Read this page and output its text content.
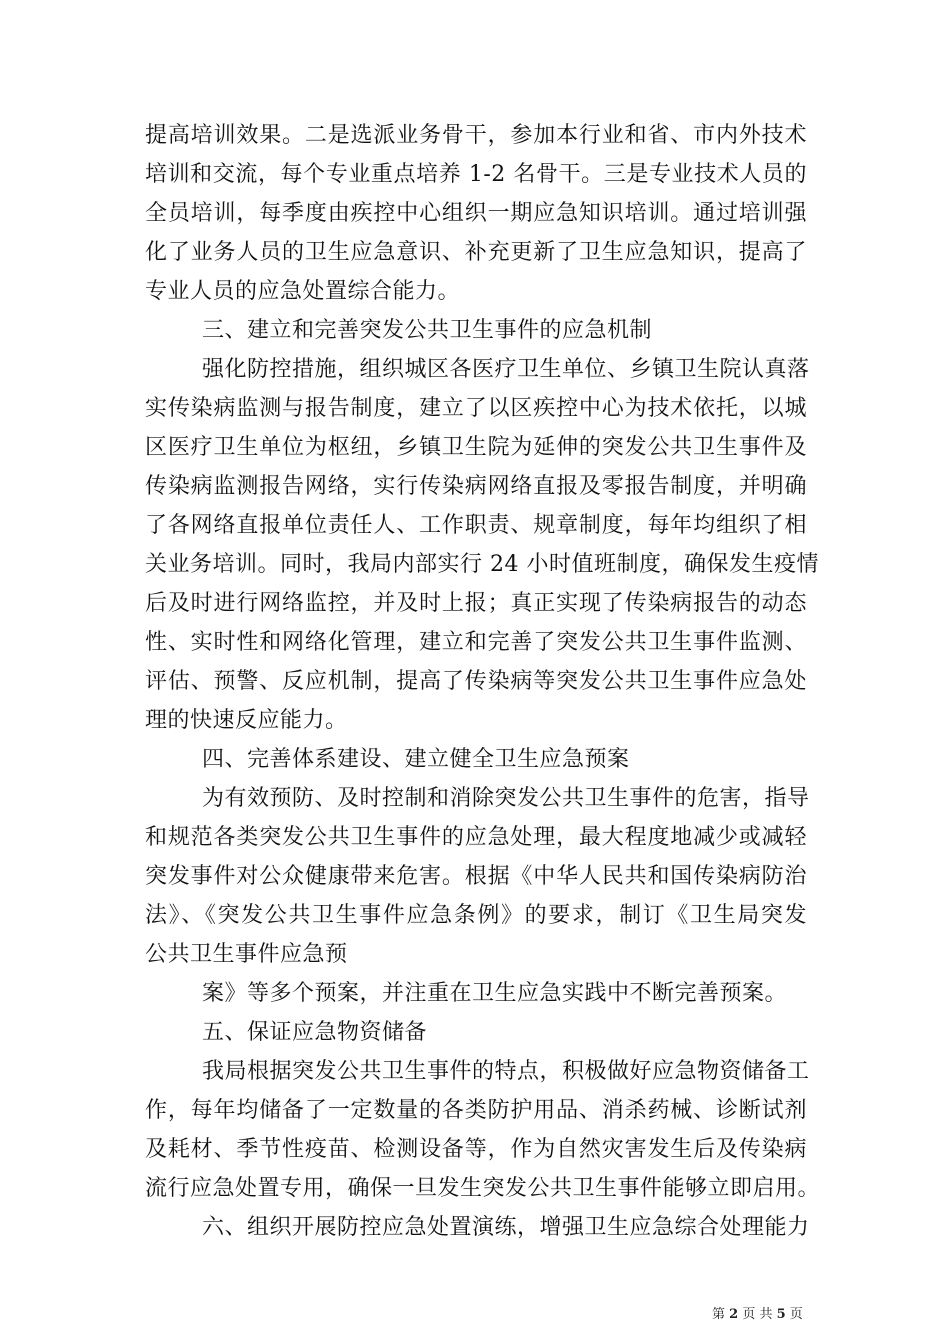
提高培训效果。二是选派业务骨干，参加本行业和省、市内外技术
培训和交流，每个专业重点培养 1-2 名骨干。三是专业技术人员的
全员培训，每季度由疾控中心组织一期应急知识培训。通过培训强
化了业务人员的卫生应急意识、补充更新了卫生应急知识，提高了
专业人员的应急处置综合能力。
三、建立和完善突发公共卫生事件的应急机制
强化防控措施，组织城区各医疗卫生单位、乡镇卫生院认真落
实传染病监测与报告制度，建立了以区疾控中心为技术依托，以城
区医疗卫生单位为枢纽，乡镇卫生院为延伸的突发公共卫生事件及
传染病监测报告网络，实行传染病网络直报及零报告制度，并明确
了各网络直报单位责任人、工作职责、规章制度，每年均组织了相
关业务培训。同时，我局内部实行 24 小时值班制度，确保发生疫情
后及时进行网络监控，并及时上报；真正实现了传染病报告的动态
性、实时性和网络化管理，建立和完善了突发公共卫生事件监测、
评估、预警、反应机制，提高了传染病等突发公共卫生事件应急处
理的快速反应能力。
四、完善体系建设、建立健全卫生应急预案
为有效预防、及时控制和消除突发公共卫生事件的危害，指导
和规范各类突发公共卫生事件的应急处理，最大程度地减少或减轻
突发事件对公众健康带来危害。根据《中华人民共和国传染病防治
法》、《突发公共卫生事件应急条例》的要求，制订《卫生局突发
公共卫生事件应急预
案》等多个预案，并注重在卫生应急实践中不断完善预案。
五、保证应急物资储备
我局根据突发公共卫生事件的特点，积极做好应急物资储备工
作，每年均储备了一定数量的各类防护用品、消杀药械、诊断试剂
及耗材、季节性疫苗、检测设备等，作为自然灾害发生后及传染病
流行应急处置专用，确保一旦发生突发公共卫生事件能够立即启用。
六、组织开展防控应急处置演练，增强卫生应急综合处理能力
第 2 页 共 5 页
